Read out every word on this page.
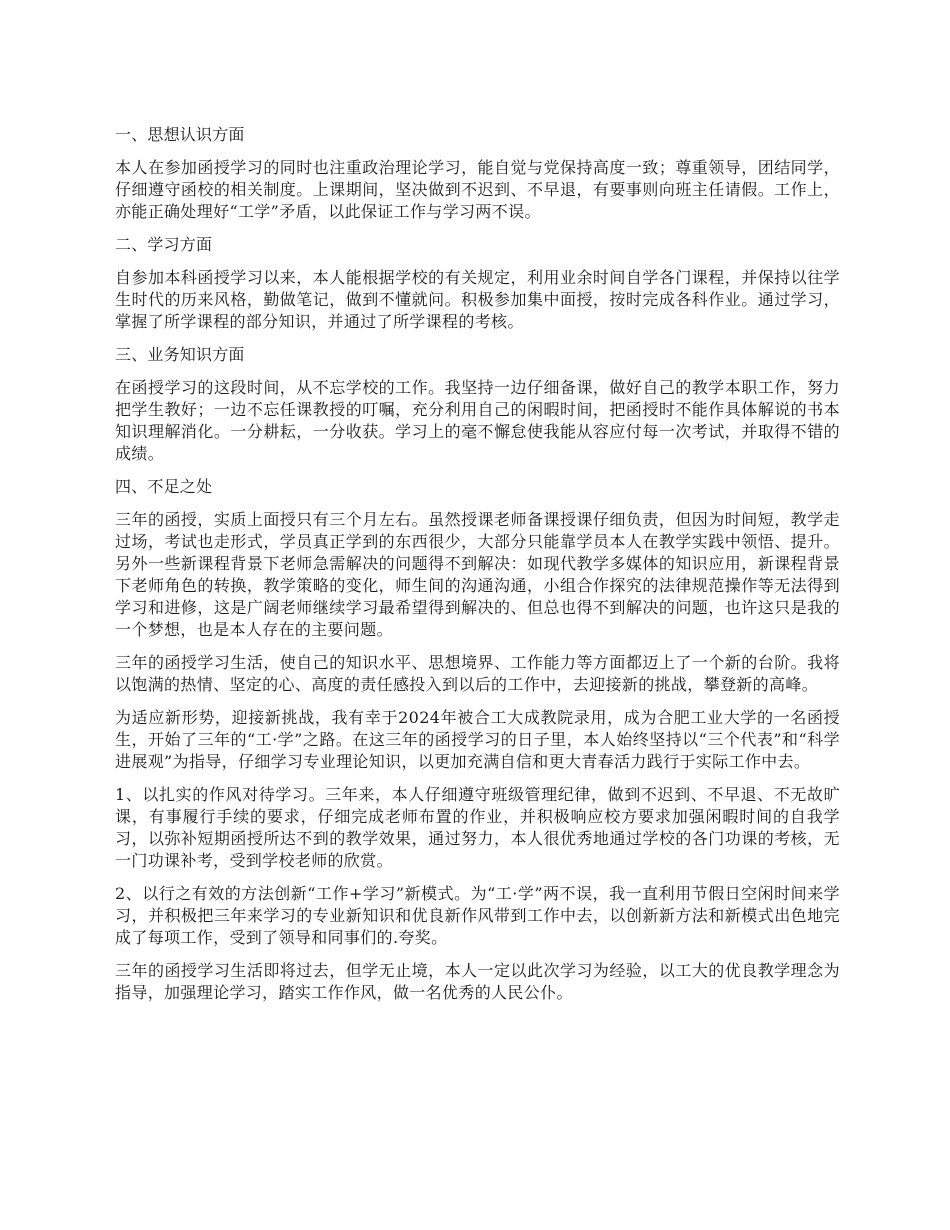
一、思想认识方面
本人在参加函授学习的同时也注重政治理论学习，能自觉与党保持高度一致；尊重领导，团结同学，仔细遵守函校的相关制度。上课期间，坚决做到不迟到、不早退，有要事则向班主任请假。工作上，亦能正确处理好“工学”矛盾，以此保证工作与学习两不误。
二、学习方面
自参加本科函授学习以来，本人能根据学校的有关规定，利用业余时间自学各门课程，并保持以往学生时代的历来风格，勤做笔记，做到不懂就问。积极参加集中面授，按时完成各科作业。通过学习，掌握了所学课程的部分知识，并通过了所学课程的考核。
三、业务知识方面
在函授学习的这段时间，从不忘学校的工作。我坚持一边仔细备课，做好自己的教学本职工作，努力把学生教好；一边不忘任课教授的叮嘱，充分利用自己的闲暇时间，把函授时不能作具体解说的书本知识理解消化。一分耕耘，一分收获。学习上的毫不懈怠使我能从容应付每一次考试，并取得不错的成绩。
四、不足之处
三年的函授，实质上面授只有三个月左右。虽然授课老师备课授课仔细负责，但因为时间短，教学走过场，考试也走形式，学员真正学到的东西很少，大部分只能靠学员本人在教学实践中领悟、提升。另外一些新课程背景下老师急需解决的问题得不到解决：如现代教学多媒体的知识应用，新课程背景下老师角色的转换，教学策略的变化，师生间的沟通沟通，小组合作探究的法律规范操作等无法得到学习和进修，这是广阔老师继续学习最希望得到解决的、但总也得不到解决的问题，也许这只是我的一个梦想，也是本人存在的主要问题。
三年的函授学习生活，使自己的知识水平、思想境界、工作能力等方面都迈上了一个新的台阶。我将以饱满的热情、坚定的心、高度的责任感投入到以后的工作中，去迎接新的挑战，攀登新的高峰。
为适应新形势，迎接新挑战，我有幸于2024年被合工大成教院录用，成为合肥工业大学的一名函授生，开始了三年的“工·学”之路。在这三年的函授学习的日子里，本人始终坚持以“三个代表”和“科学进展观”为指导，仔细学习专业理论知识，以更加充满自信和更大青春活力践行于实际工作中去。
1、以扎实的作风对待学习。三年来，本人仔细遵守班级管理纪律，做到不迟到、不早退、不无故旷课，有事履行手续的要求，仔细完成老师布置的作业，并积极响应校方要求加强闲暇时间的自我学习，以弥补短期函授所达不到的教学效果，通过努力，本人很优秀地通过学校的各门功课的考核，无一门功课补考，受到学校老师的欣赏。
2、以行之有效的方法创新“工作+学习”新模式。为“工·学”两不误，我一直利用节假日空闲时间来学习，并积极把三年来学习的专业新知识和优良新作风带到工作中去，以创新新方法和新模式出色地完成了每项工作，受到了领导和同事们的.夸奖。
三年的函授学习生活即将过去，但学无止境，本人一定以此次学习为经验，以工大的优良教学理念为指导，加强理论学习，踏实工作作风，做一名优秀的人民公仆。
